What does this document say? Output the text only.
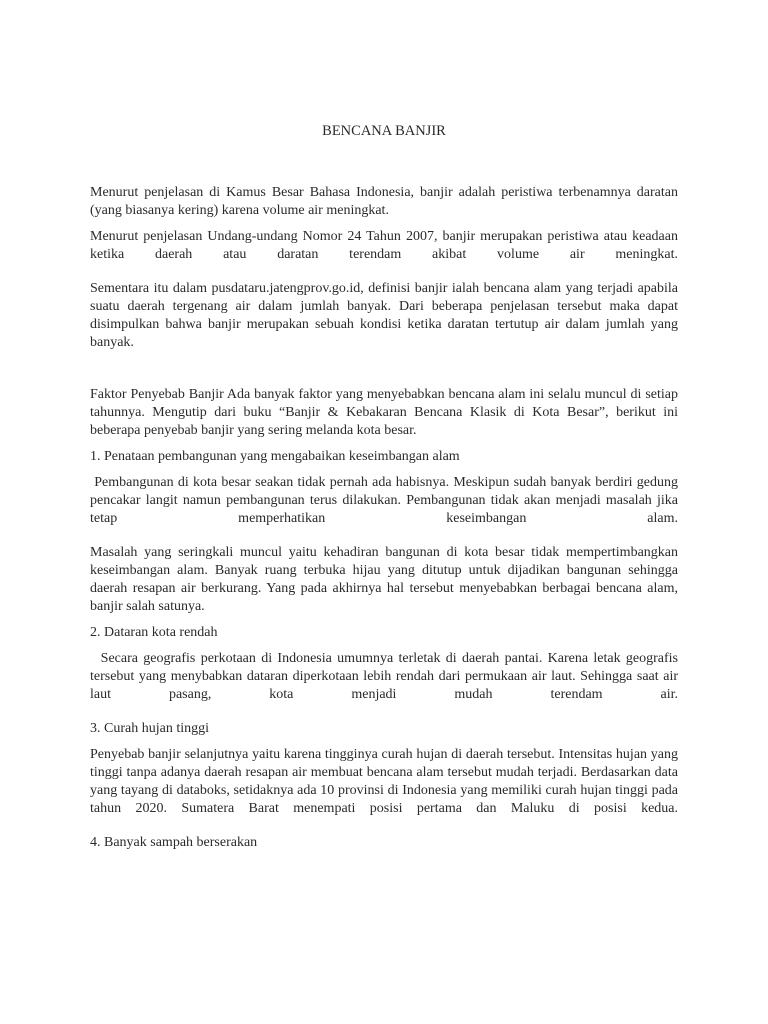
BENCANA BANJIR

Menurut penjelasan di Kamus Besar Bahasa Indonesia, banjir adalah peristiwa terbenamnya daratan (yang biasanya kering) karena volume air meningkat.

Menurut penjelasan Undang-undang Nomor 24 Tahun 2007, banjir merupakan peristiwa atau keadaan ketika daerah atau daratan terendam akibat volume air meningkat.

Sementara itu dalam pusdataru.jatengprov.go.id, definisi banjir ialah bencana alam yang terjadi apabila suatu daerah tergenang air dalam jumlah banyak. Dari beberapa penjelasan tersebut maka dapat disimpulkan bahwa banjir merupakan sebuah kondisi ketika daratan tertutup air dalam jumlah yang banyak.

Faktor Penyebab Banjir Ada banyak faktor yang menyebabkan bencana alam ini selalu muncul di setiap tahunnya. Mengutip dari buku “Banjir & Kebakaran Bencana Klasik di Kota Besar”, berikut ini beberapa penyebab banjir yang sering melanda kota besar.

1. Penataan pembangunan yang mengabaikan keseimbangan alam

Pembangunan di kota besar seakan tidak pernah ada habisnya. Meskipun sudah banyak berdiri gedung pencakar langit namun pembangunan terus dilakukan. Pembangunan tidak akan menjadi masalah jika tetap memperhatikan keseimbangan alam.

Masalah yang seringkali muncul yaitu kehadiran bangunan di kota besar tidak mempertimbangkan keseimbangan alam. Banyak ruang terbuka hijau yang ditutup untuk dijadikan bangunan sehingga daerah resapan air berkurang. Yang pada akhirnya hal tersebut menyebabkan berbagai bencana alam, banjir salah satunya.

2. Dataran kota rendah

Secara geografis perkotaan di Indonesia umumnya terletak di daerah pantai. Karena letak geografis tersebut yang menybabkan dataran diperkotaan lebih rendah dari permukaan air laut. Sehingga saat air laut pasang, kota menjadi mudah terendam air.

3. Curah hujan tinggi

Penyebab banjir selanjutnya yaitu karena tingginya curah hujan di daerah tersebut. Intensitas hujan yang tinggi tanpa adanya daerah resapan air membuat bencana alam tersebut mudah terjadi. Berdasarkan data yang tayang di databoks, setidaknya ada 10 provinsi di Indonesia yang memiliki curah hujan tinggi pada tahun 2020. Sumatera Barat menempati posisi pertama dan Maluku di posisi kedua.

4. Banyak sampah berserakan
